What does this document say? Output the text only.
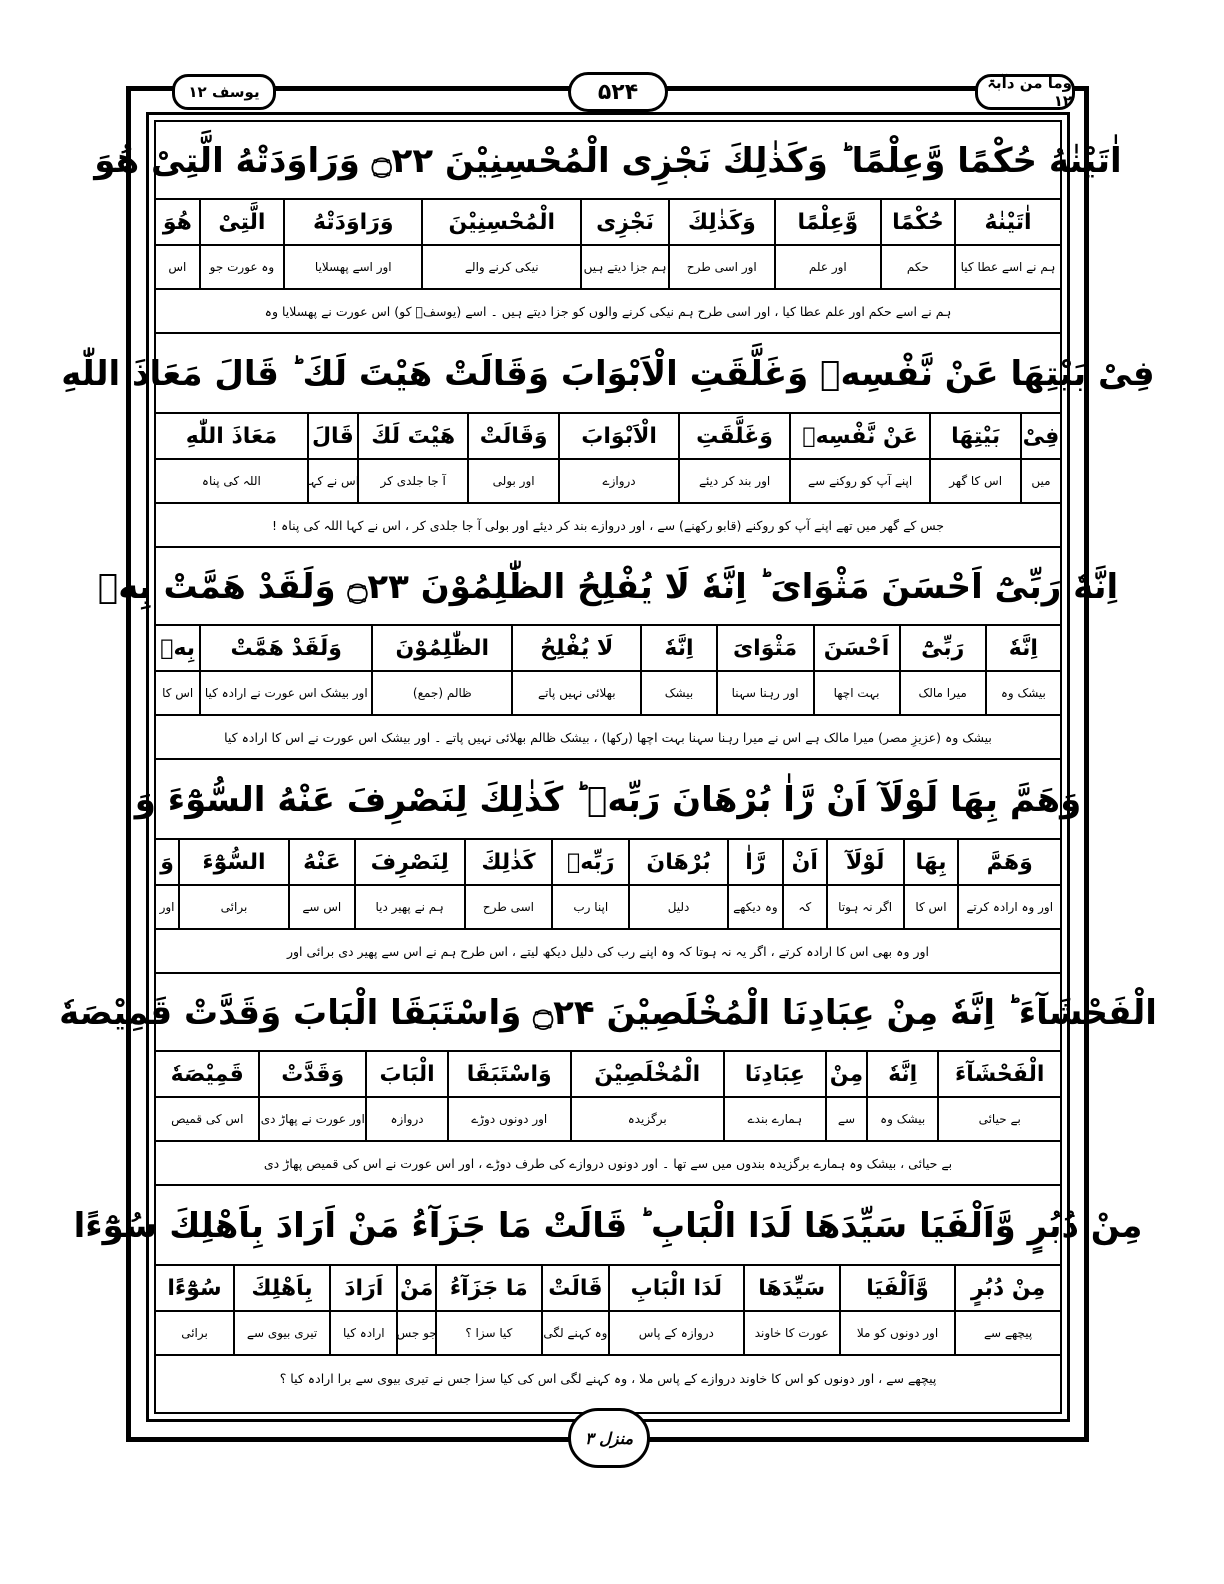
یوسف ۱۲	۵۲۴	وما من دآبۃ ۱۲
اٰتَیْنٰهُ حُكْمًا وَّعِلْمًا ؕ وَكَذٰلِكَ نَجْزِی الْمُحْسِنِیْنَ ۝۲۲ وَرَاوَدَتْهُ الَّتِیْ هُوَ
اٰتَیْنٰهُ
حُكْمًا
وَّعِلْمًا
وَكَذٰلِكَ
نَجْزِی
الْمُحْسِنِیْنَ
وَرَاوَدَتْهُ
الَّتِیْ
هُوَ
ہم نے اسے عطا کیا
حکم
اور علم
اور اسی طرح
ہم جزا دیتے ہیں
نیکی کرنے والے
اور اسے پھسلایا
وہ عورت جو
اس
ہم نے اسے حکم اور علم عطا کیا ، اور اسی طرح ہم نیکی کرنے والوں کو جزا دیتے ہیں ۔ اسے (یوسفؑ کو) اس عورت نے پھسلایا وہ
فِیْ بَیْتِهَا عَنْ نَّفْسِهٖ وَغَلَّقَتِ الْاَبْوَابَ وَقَالَتْ هَیْتَ لَكَ ؕ قَالَ مَعَاذَ اللّٰهِ
فِیْ
بَیْتِهَا
عَنْ نَّفْسِهٖ
وَغَلَّقَتِ
الْاَبْوَابَ
وَقَالَتْ
هَیْتَ لَكَ
قَالَ
مَعَاذَ اللّٰهِ
میں
اس کا گھر
اپنے آپ کو روکنے سے
اور بند کر دیئے
دروازے
اور بولی
آ جا جلدی کر
اس نے کہا
اللہ کی پناہ
جس کے گھر میں تھے اپنے آپ کو روکنے (قابو رکھنے) سے ، اور دروازے بند کر دیئے اور بولی آ جا جلدی کر ، اس نے کہا اللہ کی پناہ !
اِنَّهٗ رَبِّیْٓ اَحْسَنَ مَثْوَایَ ؕ اِنَّهٗ لَا یُفْلِحُ الظّٰلِمُوْنَ ۝۲۳ وَلَقَدْ هَمَّتْ بِهٖ
اِنَّهٗ
رَبِّیْٓ
اَحْسَنَ
مَثْوَایَ
اِنَّهٗ
لَا یُفْلِحُ
الظّٰلِمُوْنَ
وَلَقَدْ هَمَّتْ
بِهٖ
بیشک وہ
میرا مالک
بہت اچھا
اور رہنا سہنا
بیشک
بھلائی نہیں پاتے
ظالم (جمع)
اور بیشک اس عورت نے ارادہ کیا
اس کا
بیشک وہ (عزیزِ مصر) میرا مالک ہے اس نے میرا رہنا سہنا بہت اچھا (رکھا) ، بیشک ظالم بھلائی نہیں پاتے ۔ اور بیشک اس عورت نے اس کا ارادہ کیا
وَهَمَّ بِهَا لَوْلَآ اَنْ رَّاٰ بُرْهَانَ رَبِّهٖ ؕ كَذٰلِكَ لِنَصْرِفَ عَنْهُ السُّوْٓءَ وَ
وَهَمَّ
بِهَا
لَوْلَآ
اَنْ
رَّاٰ
بُرْهَانَ
رَبِّهٖ
كَذٰلِكَ
لِنَصْرِفَ
عَنْهُ
السُّوْٓءَ
وَ
اور وہ ارادہ کرتے
اس کا
اگر نہ ہوتا
کہ
وہ دیکھے
دلیل
اپنا رب
اسی طرح
ہم نے پھیر دیا
اس سے
برائی
اور
اور وہ بھی اس کا ارادہ کرتے ، اگر یہ نہ ہوتا کہ وہ اپنے رب کی دلیل دیکھ لیتے ، اس طرح ہم نے اس سے پھیر دی برائی اور
الْفَحْشَآءَ ؕ اِنَّهٗ مِنْ عِبَادِنَا الْمُخْلَصِیْنَ ۝۲۴ وَاسْتَبَقَا الْبَابَ وَقَدَّتْ قَمِیْصَهٗ
الْفَحْشَآءَ
اِنَّهٗ
مِنْ
عِبَادِنَا
الْمُخْلَصِیْنَ
وَاسْتَبَقَا
الْبَابَ
وَقَدَّتْ
قَمِیْصَهٗ
بے حیائی
بیشک وہ
سے
ہمارے بندے
برگزیدہ
اور دونوں دوڑے
دروازہ
اور عورت نے پھاڑ دی
اس کی قمیص
بے حیائی ، بیشک وہ ہمارے برگزیدہ بندوں میں سے تھا ۔ اور دونوں دروازے کی طرف دوڑے ، اور اس عورت نے اس کی قمیص پھاڑ دی
مِنْ دُبُرٍ وَّاَلْفَیَا سَیِّدَهَا لَدَا الْبَابِ ؕ قَالَتْ مَا جَزَآءُ مَنْ اَرَادَ بِاَهْلِكَ سُوْٓءًا
مِنْ دُبُرٍ
وَّاَلْفَیَا
سَیِّدَهَا
لَدَا الْبَابِ
قَالَتْ
مَا جَزَآءُ
مَنْ
اَرَادَ
بِاَهْلِكَ
سُوْٓءًا
پیچھے سے
اور دونوں کو ملا
عورت کا خاوند
دروازہ کے پاس
وہ کہنے لگی
کیا سزا ؟
جو جس
ارادہ کیا
تیری بیوی سے
برائی
پیچھے سے ، اور دونوں کو اس کا خاوند دروازے کے پاس ملا ، وہ کہنے لگی اس کی کیا سزا جس نے تیری بیوی سے برا ارادہ کیا ؟
منزل ۳
